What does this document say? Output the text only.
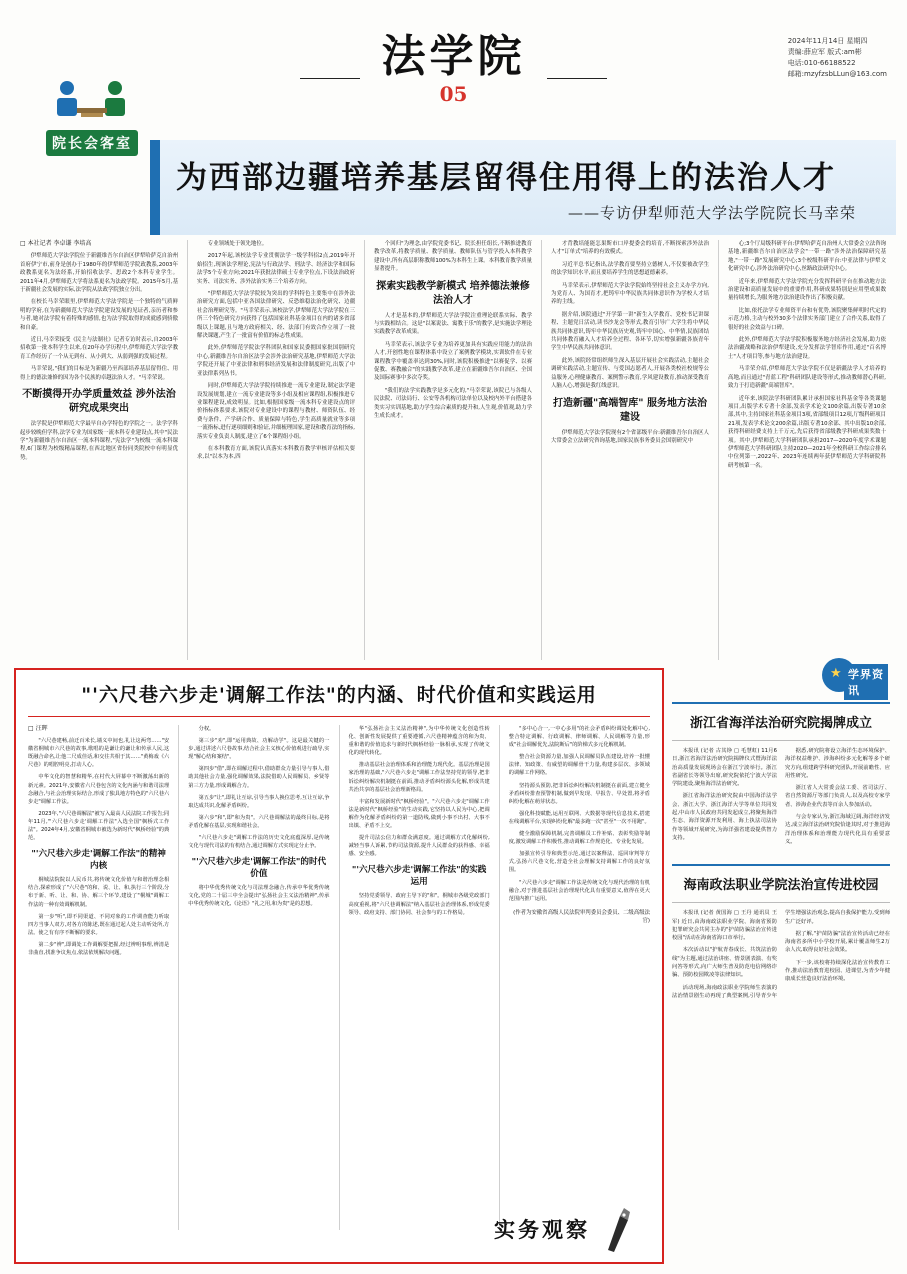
法学院
05
2024年11月14日 星期四
责编:薛应军 版式:am彬
电话:010-66188522
邮箱:mzyfzsbLLun@163.com
院长会客室
为西部边疆培养基层留得住用得上的法治人才
——专访伊犁师范大学法学院院长马幸荣
□ 本社记者 李卓谦 李培高

伊犁师范大学法学院位于新疆维吾尔自治区伊犁哈萨克自治州首府伊宁市,前身是创办于1980年的伊犁师范学院政教系,2003年政教系更名为法经系,开始招收法学、思政2个本科专业学生。2011年4月,伊犁师范大学将法系更名为法政学院。2015年5月,基于新疆社会发展的实际,法学院从法政学院独立分出。

在校长马幸荣眼里,伊犁师范大学法学院是一个独特的气质鲜明的学府,在为新疆师范大学法学院建设发展的见证者,亲历者和参与者,她对法学院有着特殊的感情,也为法学院取得的成就感到骄傲和自豪。

近日,马幸荣接受《民主与法制社》记者专访时表示,自2003年招收第一批本科学生以来,在20年办学历程中,伊犁师范大学法学教育工作经历了一个从无到有、从小到大、从弱到强的发展过程。

马幸荣说,"我们的目标是为新疆乃至西部培养基层留得住、用得上的德法兼修的因为各个民族的卓越法治人才。"马幸荣说。

不断摸得开办学质量效益 涉外法治研究成果突出

法学院是伊犁师范大学最早自办学特色的学院之一。法学学科起步较晚但学科,法学专业为国家级一流本科专业建设点,其中"民法学"为新疆维吾尔自治区一流本科课程,"宪法学"为校级一流本科课程,6门课程为校级精品课程,在西北地区省份同类院校中有明显优势。

专业领域处于领先地位。

2017年起,该校法学专业贯彻法学一级学科招2点,2019年开始招生,现该法学理论,宪法与行政法学、刑法学、经济法学和国际法学5个专业方向;2021年获批法律硕士专业学位点,下设法治政府实务、司法实务、涉外法治实务三个培养方向。

"伊犁师范大学法学院较为突出的学科特色主要集中在涉外法治研究方面,包括中亚各国法律研究、反恐维稳法治化研究、边疆社会治理研究等。"马幸荣表示,该校法学,伊犁师范大学法学院在三所三个特色研究方向获得了包括国家社科基金项目在内的诸多省部级以上课题,且与地方政府相关、经、法部门有效合作立项了一批解决课题,产生了一批富有价值的标志性成果。

此外,伊犁师范学院法学科团队和国家民委拥国家批国别研究中心,新疆维吾尔自治区法学会涉外法治研究基地,伊犁师范大学法学院还开展了中亚法律和刑事经济发展和法律制度研究,出版了中亚法律系列丛书。

同时,伊犁师范大学法学院持续推进一流专业建设,制定法学建设发展规划,建立一流专业建设等多小组及相应课程组,积极推进专业课程建设,成效明显。比如,根据国家级一流本科专业建设点的评价指标体系要求,该院对专业建设中的课程与教材、师资队伍、经费与条件、产学研合作、质量保障与特色,学生高质量就业等多项一流指标,进行逐项细则和验证,并细梳理国家,建设和教育法的指标,落实专业负责人制度,建立了6个课程组小组。

在本科教育方面,该院认真落实本科教育教学审核评估相关要求,以"以本为本,四

个回归"为理念,由学院党委书记、院长担任组长,不断推进教育教学改革,将教学质量、教学质量、教师队伍与管学投入本科教学建设中,所有高层职称教师100%为本科生上课。本科教育教学质量显著提升。

探索实践教学新模式 培养德法兼修法治人才

人才是基本的,伊犁师范大学法学院注重理论联系实际、教学与实践相结合。这是"以案说法、寓教于乐"的教学,是实施法学理论实践教学改革成果。

马幸荣表示,该法学专业为培养更加具有实践应用能力的法治人才,开创性地在课程体系中设立了案例教学模块,实训软件在专业课程教学中覆盖率达到30%,同时,该院积极推进"以赛促学、以赛促教、赛教融合"的实践教学改革,建立在新疆维吾尔自治区、全国及国际赛事中多次夺奖。

"我们的法学实践教学是多元化的,"马幸荣说,该院已与各级人民法院、司法局行、公安等各机构司法单位以及校内外平台搭建各类实习实训基地,助力学生综合素质的提升和,人生观,价值观,助力学生成长成才。

才背教培能能怎果斯市口岸提委会的培育,不断探索涉外法治人才"订单式"培养的有效模式。

习近平总书记指出,法学教育要坚持立德树人,不仅要被改学生的法学知识水平,而且要培养学生的思想道德素养。

马幸荣表示,伊犁师范大学法学院始终坚持社会主义办学方向,为党育人、为国育才,把铸牢中华民族共同体意识作为学校人才培养的主线。

据介绍,该院通过"开学第一讲"新生入学教育、党校书记讲课程、主题党日活动,读书沙龙会等形式,教育引导广大学生将中华民族共同体意识,铸牢中华民族历史观,铸牢中国心、中华情,民族团结共同体教育融入人才培养全过程、各环节,切实增强新疆各族青年学生中华民族共同体意识。

此外,该院经常组织师生深入基层开展社会实践活动,主题社会调研实践活动,主题宣传、与爱国志愿者人,开展各类校社校规等公益服务,心理健康教育、案例警示教育,学风建设教育,推动深受教育人脑人心,增强是我红线意识。

打造新疆"高端智库" 服务地方法治建设

伊犁师范大学法学院现有2个省部级平台:新疆维吾尔自治区人大常委会立法研究咨询基地,国家民族事务委员会国别研究中

心;3个厅局级科研平台:伊犁哈萨克自治州人大常委会立法咨询基地,新疆维吾尔自治区法学会"一带一路"涉外法治保障研究基地,"一带一路"发展研究中心;3个校级科研平台:中亚法律与伊犁文化研究中心,涉外法治研究中心,丝路政法研究中心。

近年来,伊犁师范大学法学院充分发挥科研平台在推动地方法治建设和高质量发展中的重要作用,科研成果特别是应用型成果数量持续增长,为服务地方法治建设作出了积极贡献。

比如,依托法学专业师资平台和有优势,该院聚集鲜明时代定的示范力格,主动与校外30多个法律实务部门建立了合作关系,取得了很好的社会效益与口碑。

此外,伊犁师范大学法学院积极服务地方经济社会发展,助力依法治疆战略和法治伊犁建设,充分发挥法学智库作用,通过"百名博士"人才项目等,参与地方法治建设。

马幸荣介绍,伊犁师范大学法学院不仅是新疆法学人才培养的高地,而且通过"青蓝工程"科研团队建设等形式,推动教师潜心科研,致力于打造新疆"高端智库"。

近年来,该院法学科研团队累计承担国家社科基金等各类课题项目,出版学术专著十余部,发表学术论文100余篇,出版专著10余部,其中,主持国家社科基金项目3项,省部级项目12项,厅级科研项目21项,发表学术论文200余篇,出版专著10余部、其中出版10余部,获得科研经费支持上千万元,先后获得省部级教学科研成果奖数十项。其中,伊犁师范大学科研团队承担2017—2020年度学术课题伊犁师范大学科研团队主持2020—2021年全校科研工作综合排名中位列第一,2022年、2023年连续两年获伊犁师范大学科研院科研考核第一名。

"'六尺巷六步走'调解工作法"的内涵、时代价值和实践运用
□ 汪晖

"六尺巷建畅,前迁百米长,墙义中间也,礼让这两弯……"安徽省桐城市六尺巷的故事,歌唱的是谦让的谦让和传承人民,这既融合命名,让他二尺成佳话,和交往共相于其……"黄梅戏《六尺巷》的唱腔明亮,打动人心。

中华文化的智慧和精华,在村代大屏幕中不断激荡出新的新元素。2021年,安徽省六尺巷包含的文化内涵与和谐司法理念融合,与社会治理实际结合,形成了独具地方特色的"六尺巷六步走"调解工作法。

2023年,"六尺巷调解法"被写入最高人民法院工作报告;同年11月,"'六尺巷六步走'调解工作法"入选全国"枫桥式工作法"。2024年4月,安徽省桐城市被选为新时代"枫桥经验"的典范。

"'六尺巷六步走'调解工作法"的精神内核

桐城法院院以人民币共,将传统文化价值与和谐治理念相结合,探索形成了"六尺巷"的和、说、让、和,执行三个阶段,分布于新、听、让、和、协、解三个环节,建设了"桐城"调解工作法的一种有效调解机制。

第一步"听",即不同渠道、不同对象的工作调查能力听取四方当事人双方,对各方的陈述,既在通过起人处主动听处所,方法。使之有有序不断解的要求。

第二步"辨",即调处工作调解要把握,经过辨明事理,辨清是非曲直,找准争议焦点,依法依规解决问题。

分权。

第三步"劝",即"运用典故、功解动学"。这是最关键的一步,通过讲述六尺巷故事,结合社会主义核心价值观进行疏导,实现"解心结和案结"。

第四步"借",即在调解过程中,借助群众力量引导与事人,借助其他社会力量,强化调解效果,法院借助人民调解员、乡贤等第三方力量,形成调解合力。

第五步"让",即礼让互谅,引导当事人换位思考,互让互谅,争取达成共识,化解矛盾纠纷。

第六步"和",即"和为贵"。六尺巷调解法的最终目标,是将矛盾化解在基层,实现和谐社会。

"六尺巷六步走"调解工作法的历史文化底蕴深厚,是传统文化与现代司法的有机结合,通过调解方式实现定分止争。

"'六尺巷六步走'调解工作法"的时代价值

将中华优秀传统文化与司法理念融合,传承中华优秀传统文化,党的二十届三中全会提出"弘扬社会主义法治精神",传承中华优秀传统文化,《论语》"礼之用,和为贵"是的思想。

华"弘扬社会主义法治精神",为中华传统文化创造性转化、创新性发展提供了重要遵循,六尺巷精神蕴含的和为贵、重和谐的价值追求与新时代枫桥经验一脉相承,实现了传统文化的现代转化。

推动基层社会治理体系和治理能力现代化。基层治理是国家治理的基础,"六尺巷六步走"调解工作法坚持党的领导,把非诉讼纠纷解决机制挺在前面,推动矛盾纠纷源头化解,形成共建共治共享的基层社会治理新格局。

丰富和发展新时代"枫桥经验"。"六尺巷六步走"调解工作法是新时代"枫桥经验"的生动实践,它坚持以人民为中心,把调解作为化解矛盾纠纷的第一道防线,做到小事不出村、大事不出镇、矛盾不上交。

提升司法公信力和群众满意度。通过调解方式化解纠纷,减轻当事人诉累,节约司法资源,提升人民群众的获得感、幸福感、安全感。

"'六尺巷六步走'调解工作法"的实践运用

坚持党委领导、政府主导下的"和"。桐城市各级党政部门高度重视,将"六尺巷调解法"纳入基层社会治理体系,形成党委领导、政府支持、部门协同、社会参与的工作格局。

"多中心合一,一中心多用"的社会矛盾纠纷调处化解中心,整合特定调解、行政调解、律师调解、人民调解等力量,形成"社会调解优先,法院断后"的阶梯式多元化解机制。

整合社会资源力量,加强人民调解员队伍建设,培养一批懂法律、知政策、有威望的调解骨干力量,构建多层次、多领域的调解工作网络。

坚持源头预防,把非诉讼纠纷解决机制挺在前面,建立健全矛盾纠纷排查预警机制,做到早发现、早报告、早处置,将矛盾纠纷化解在萌芽状态。

强化科技赋能,运用互联网、大数据等现代信息技术,搭建在线调解平台,实现纠纷化解"最多跑一次"甚至"一次不用跑"。

健全激励保障机制,完善调解员工作补贴、表彰奖励等制度,激发调解工作积极性,推动调解工作规范化、专业化发展。

加强宣传引导和典型示范,通过以案释法、巡回审判等方式,弘扬六尺巷文化,营造全社会理解支持调解工作的良好氛围。

"六尺巷六步走"调解工作法是传统文化与现代治理的有机融合,对于推进基层社会治理现代化具有重要意义,值得在更大范围内推广运用。

(作者为安徽省高级人民法院审判委员会委员、二级高级法官)
实务观察
★ 学界资讯
浙江省海洋法治研究院揭牌成立

本报讯 (记者 古其铮 □ 毛慧虹) 11月6日,浙江省海洋法治研究院揭牌仪式暨海洋法治高质量发展现场会在浙江宁波举行。浙江省副省长等领导出席,研究院依托宁波大学法学院建设,聚焦海洋法治研究。

浙江省海洋法治研究院由中国海洋法学会、浙江大学、浙江海洋大学等单位共同发起,中山市人民政府共同发起成立,将聚焦海洋生态、海洋资源开发利用、海上执法司法协作等领域开展研究,为海洋强省建设提供智力支持。

据悉,研究院将设立海洋生态环境保护、海洋权益维护、涉海纠纷多元化解等多个研究方向,组建跨学科研究团队,开展前瞻性、应用性研究。

浙江省人大常委会法工委、省司法厅、省自然资源厅等部门负责人,以及高校专家学者、涉海企业代表等百余人参加活动。

与会专家认为,浙江海域辽阔,海洋经济发达,成立海洋法治研究院恰逢其时,对于推进海洋治理体系和治理能力现代化具有重要意义。

海南政法职业学院法治宣传进校园

本报讯 (记者 黄国海 □ 王丹 通讯员 王军) 近日,由海南政法职业学院、海南省预防犯罪研究会共同主办的"护苗防骗法治宣传进校园"活动在海南省海口市举行。

本次活动以"护航青春成长、共筑法治防线"为主题,通过法治讲座、情景剧表演、有奖问答等形式,向广大师生普及防范电信网络诈骗、预防校园欺凌等法律知识。

活动现场,海南政法职业学院师生表演的法治情景剧生动再现了典型案例,引导青少年学生增强法治观念,提高自我保护能力,受到师生广泛好评。

据了解,"护苗防骗"法治宣传活动已经在海南省多所中小学校开展,累计覆盖师生2万余人次,取得良好社会效果。

下一步,该校将持续深化法治宣传教育工作,推动法治教育进校园、进课堂,为青少年健康成长营造良好法治环境。
